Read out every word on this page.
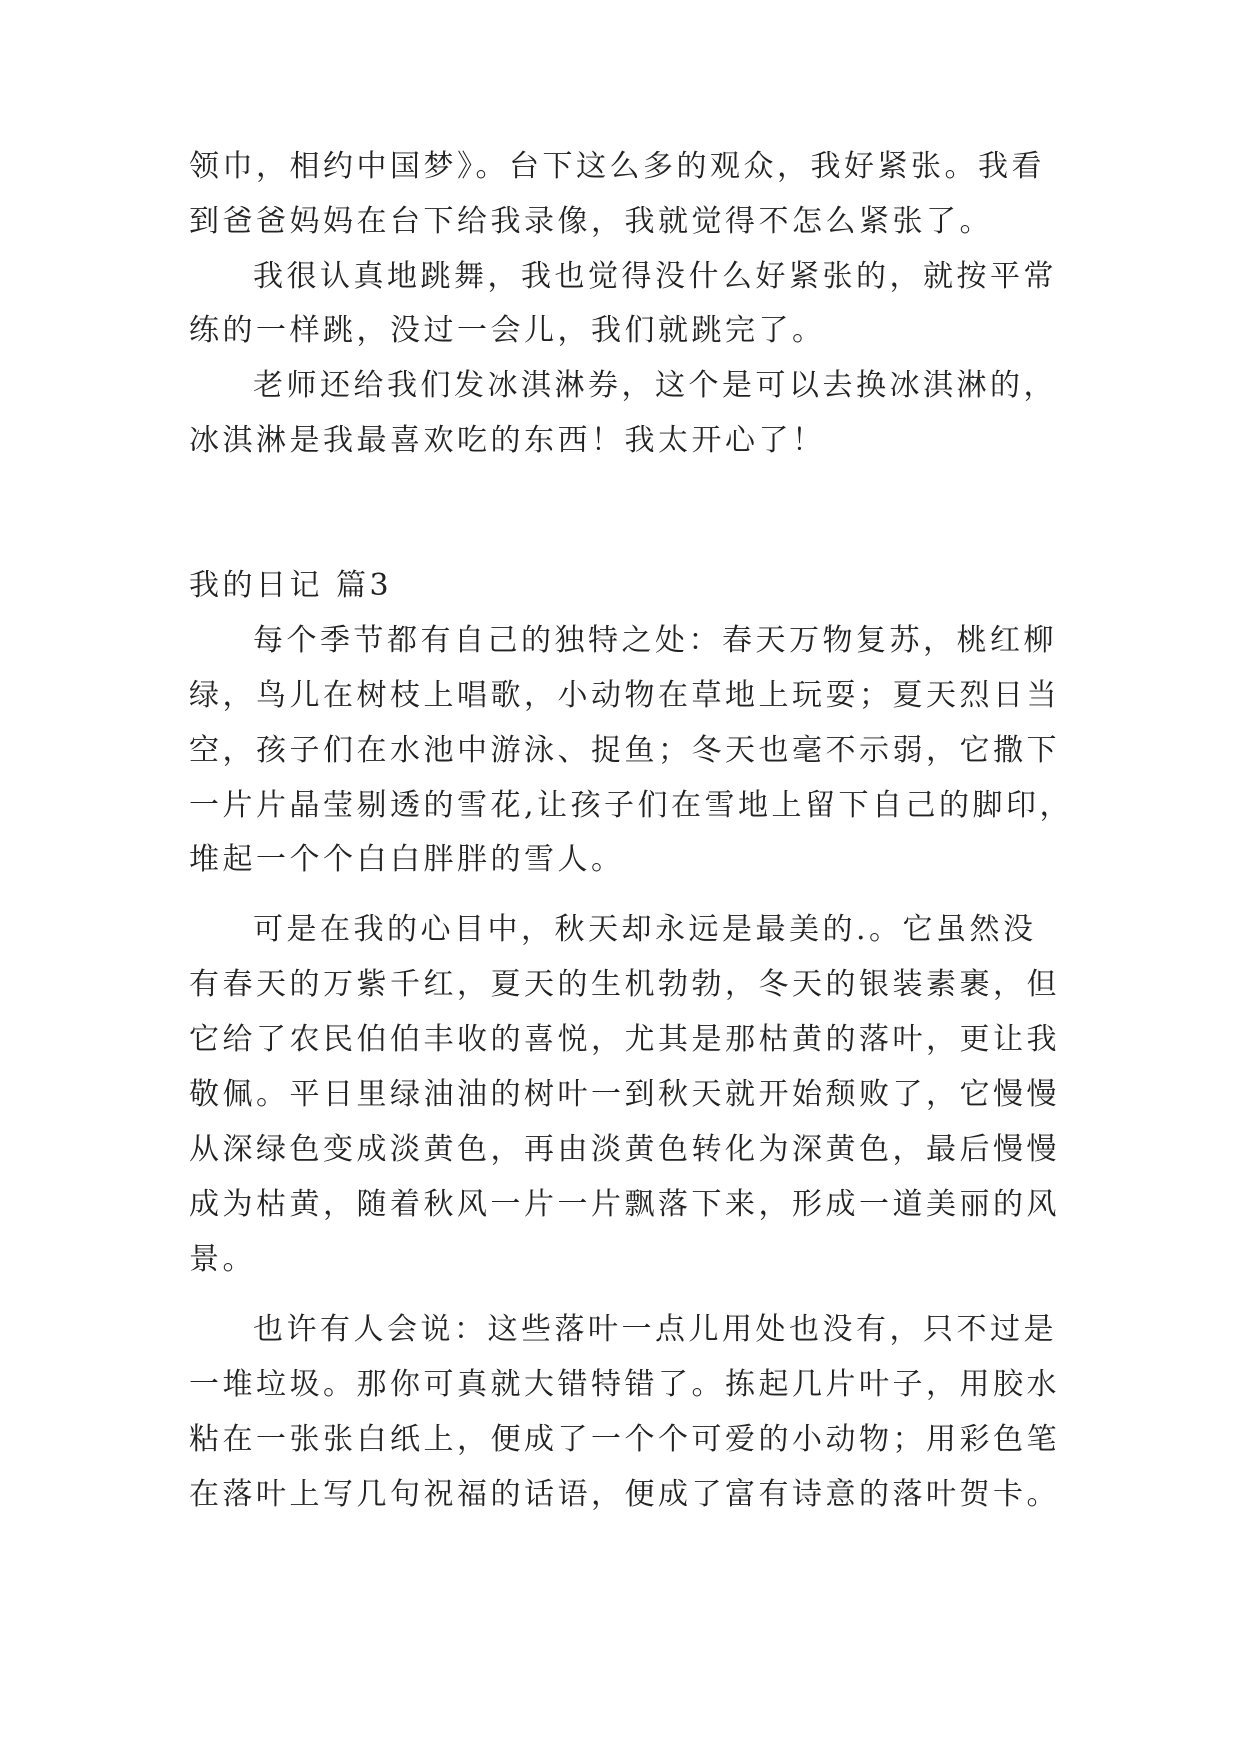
领巾，相约中国梦》。台下这么多的观众，我好紧张。我看
到爸爸妈妈在台下给我录像，我就觉得不怎么紧张了。
我很认真地跳舞，我也觉得没什么好紧张的，就按平常
练的一样跳，没过一会儿，我们就跳完了。
老师还给我们发冰淇淋券，这个是可以去换冰淇淋的，
冰淇淋是我最喜欢吃的东西！我太开心了！
我的日记 篇3
每个季节都有自己的独特之处：春天万物复苏，桃红柳
绿，鸟儿在树枝上唱歌，小动物在草地上玩耍；夏天烈日当
空，孩子们在水池中游泳、捉鱼；冬天也毫不示弱，它撒下
一片片晶莹剔透的雪花,让孩子们在雪地上留下自己的脚印，
堆起一个个白白胖胖的雪人。
可是在我的心目中，秋天却永远是最美的.。它虽然没
有春天的万紫千红，夏天的生机勃勃，冬天的银装素裹，但
它给了农民伯伯丰收的喜悦，尤其是那枯黄的落叶，更让我
敬佩。平日里绿油油的树叶一到秋天就开始颓败了，它慢慢
从深绿色变成淡黄色，再由淡黄色转化为深黄色，最后慢慢
成为枯黄，随着秋风一片一片飘落下来，形成一道美丽的风
景。
也许有人会说：这些落叶一点儿用处也没有，只不过是
一堆垃圾。那你可真就大错特错了。拣起几片叶子，用胶水
粘在一张张白纸上，便成了一个个可爱的小动物；用彩色笔
在落叶上写几句祝福的话语，便成了富有诗意的落叶贺卡。
